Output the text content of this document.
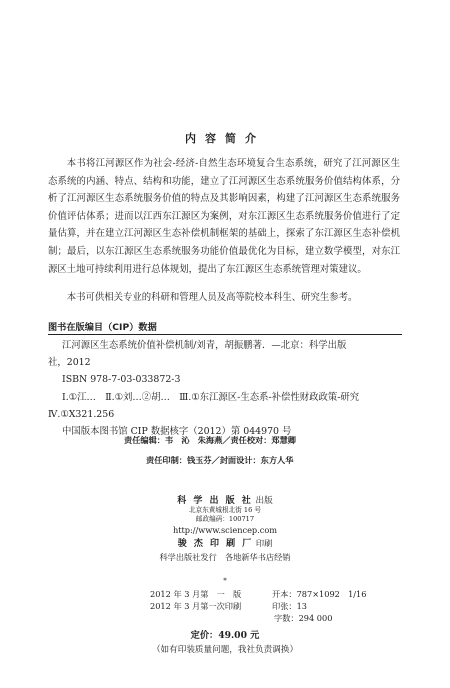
内容简介
本书将江河源区作为社会-经济-自然生态环境复合生态系统，研究了江河源区生态系统的内涵、特点、结构和功能，建立了江河源区生态系统服务价值结构体系，分析了江河源区生态系统服务价值的特点及其影响因素，构建了江河源区生态系统服务价值评估体系；进而以江西东江源区为案例，对东江源区生态系统服务价值进行了定量估算，并在建立江河源区生态补偿机制框架的基础上，探索了东江源区生态补偿机制；最后，以东江源区生态系统服务功能价值最优化为目标，建立数学模型，对东江源区土地可持续利用进行总体规划，提出了东江源区生态系统管理对策建议。
本书可供相关专业的科研和管理人员及高等院校本科生、研究生参考。
图书在版编目（CIP）数据
江河源区生态系统价值补偿机制/刘青，胡振鹏著．—北京：科学出版
社，2012
ISBN 978-7-03-033872-3
Ⅰ.①江…　Ⅱ.①刘…②胡…　Ⅲ.①东江源区-生态系-补偿性财政政策-研究
Ⅳ.①X321.256
中国版本图书馆 CIP 数据核字（2012）第 044970 号
责任编辑：韦　沁　朱海燕／责任校对：郑慧卿
责任印制：钱玉芬／封面设计：东方人华
科 学 出 版 社 出版
北京东黄城根北街 16 号
邮政编码：100717
http://www.sciencep.com
骏 杰 印 刷 厂 印刷
科学出版社发行　各地新华书店经销
*
2012 年 3 月第　一　版	开本：787×1092　1/16
2012 年 3 月第一次印刷	印张：13
字数：294 000
定价：49.00 元
（如有印装质量问题，我社负责调换）
